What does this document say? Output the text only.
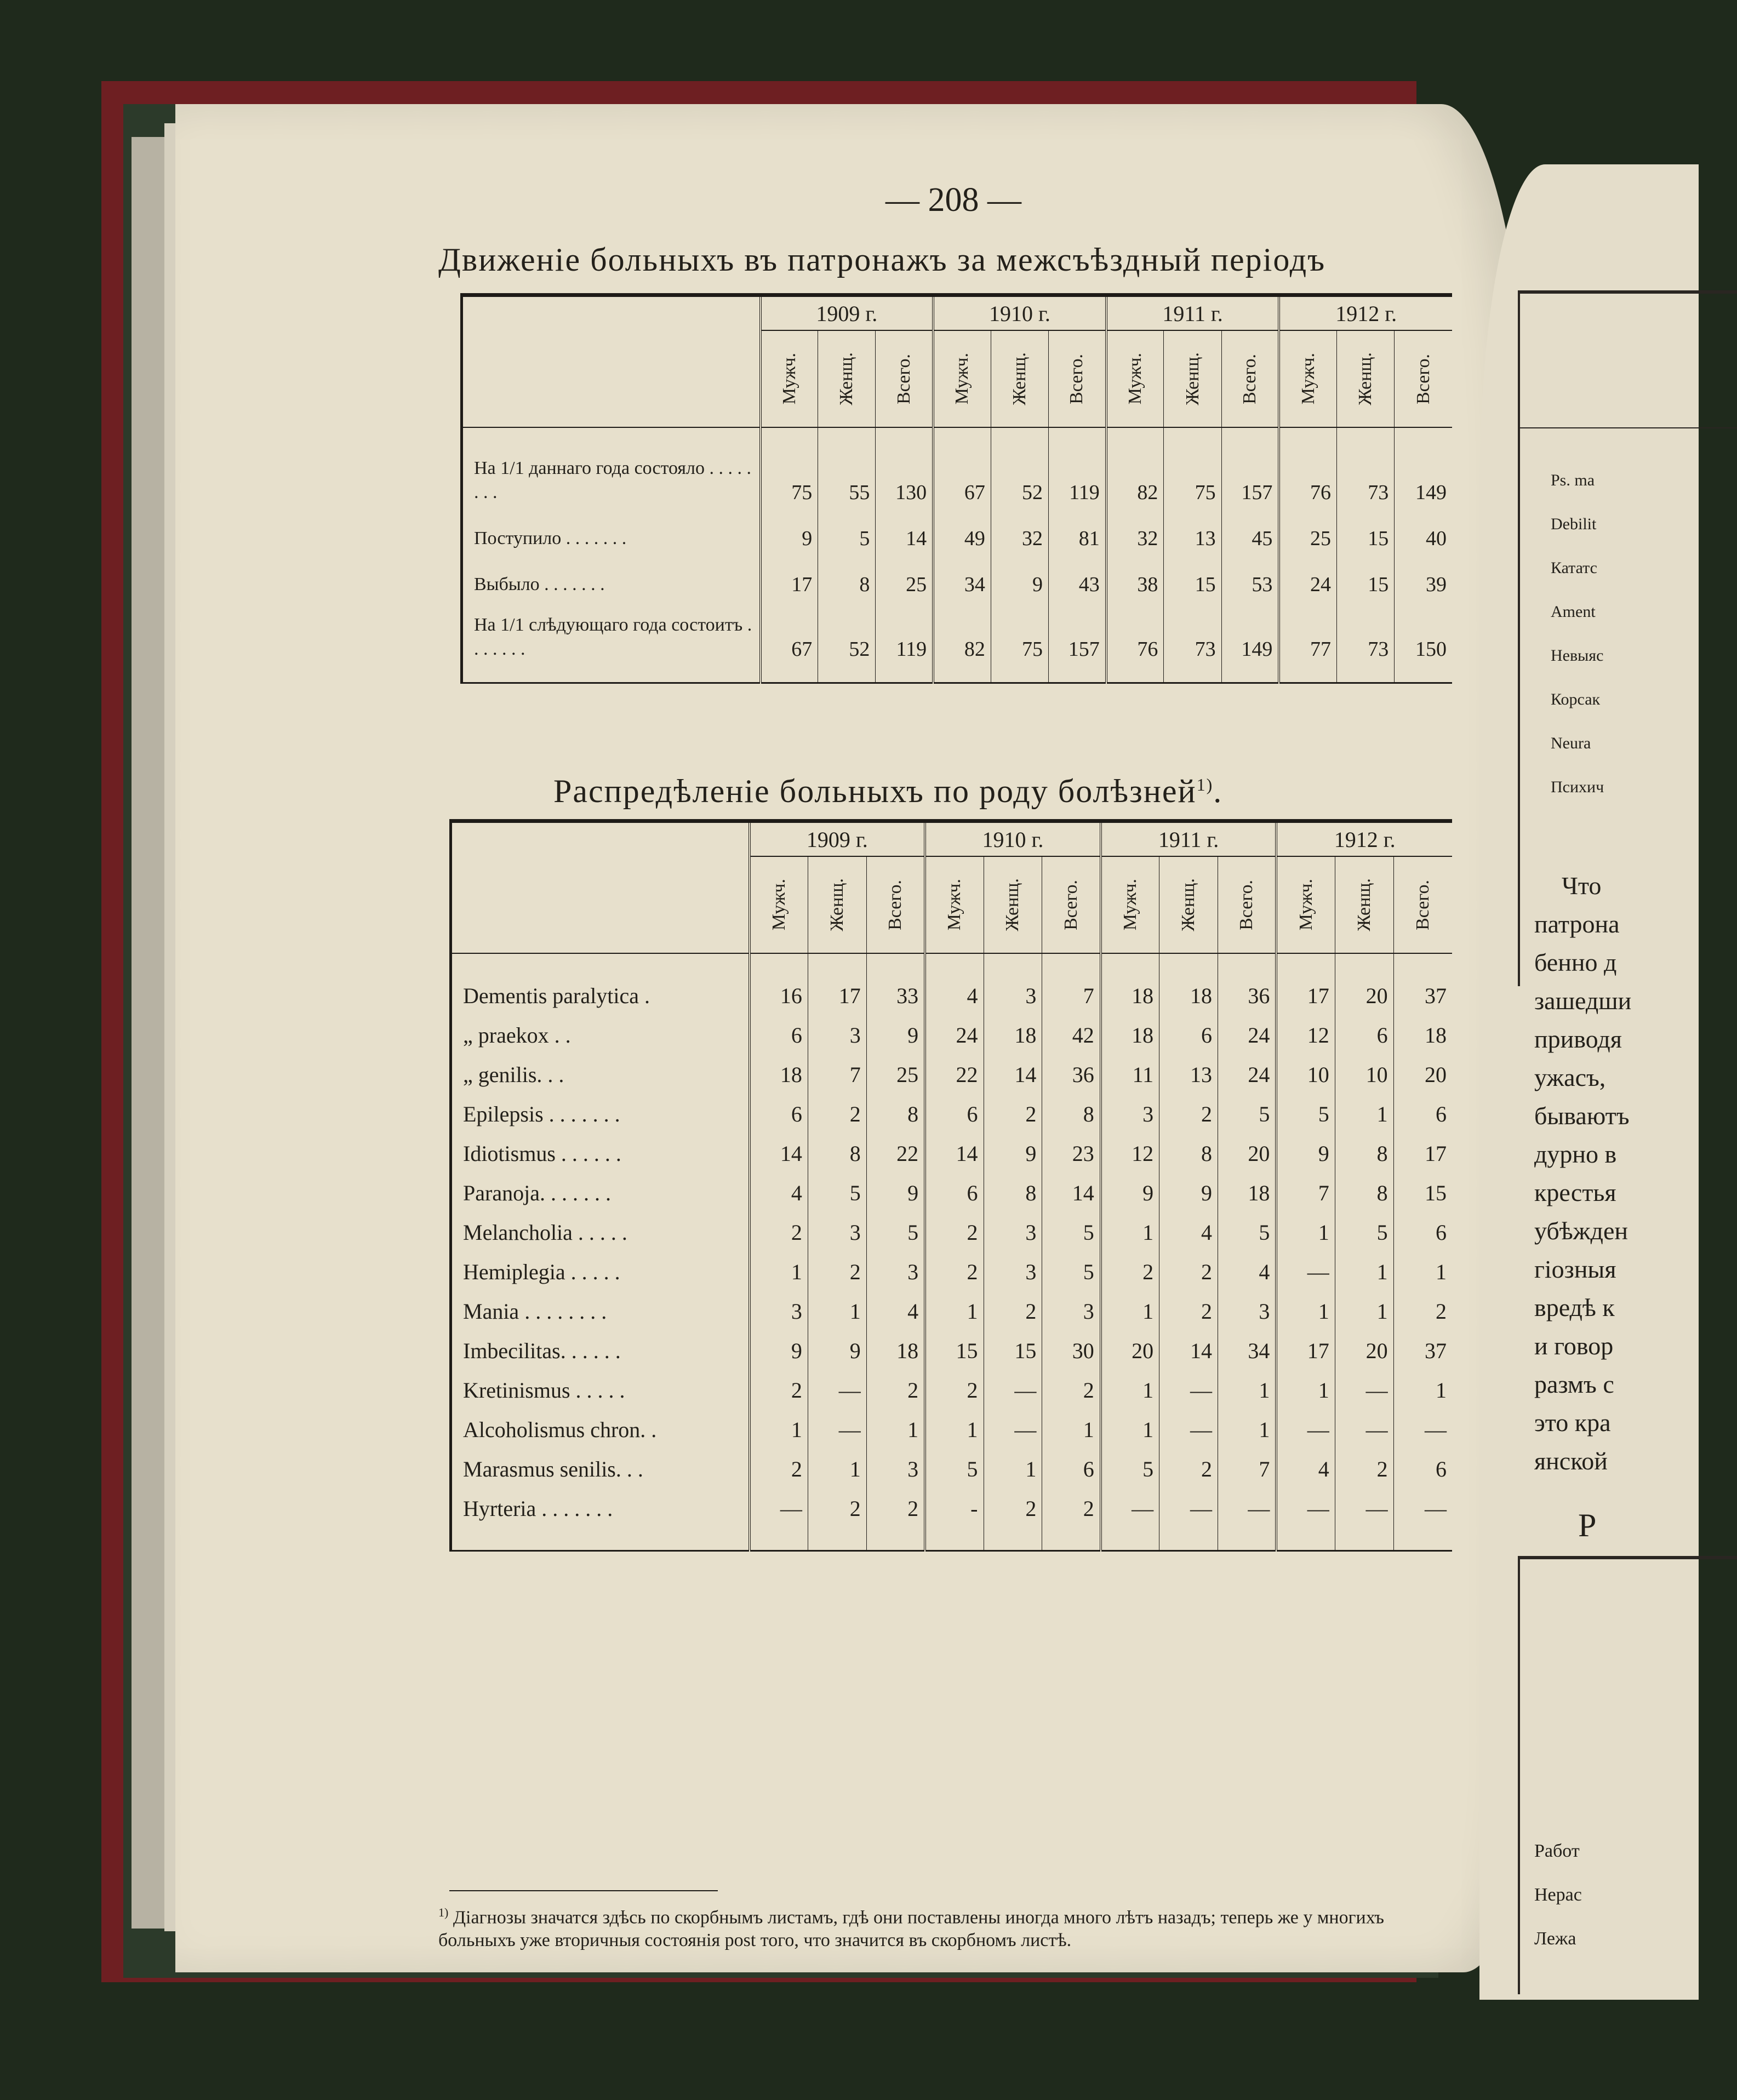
Ps. ma
Debilit
Кататс
Ament
Невыяс
Корсак
Neura
Психич
Что
патрона
бенно д
зашедши
приводя
ужасъ,
бываютъ
дурно в
крестья
убѣжден
гіозныя
вредѣ к
и говор
размъ с
это кра
янской
Р
Работ
Нерас
Лежа
— 208 —
Движеніе больныхъ въ патронажъ за межсъѣздный періодъ
	1909 г.			1910 г.			1911 г.			1912 г.		

	Мужч.	Женщ.	Всего.	Мужч.	Женщ.	Всего.	Мужч.	Женщ.	Всего.	Мужч.	Женщ.	Всего.

На 1/1 даннаго года состояло . . . . . . . .	75	55	130	67	52	119	82	75	157	76	73	149
Поступило . . . . . . .	9	5	14	49	32	81	32	13	45	25	15	40
Выбыло . . . . . . .	17	8	25	34	9	43	38	15	53	24	15	39
На 1/1 слѣдующаго года состоитъ . . . . . . .	67	52	119	82	75	157	76	73	149	77	73	150

Распредѣленіе больныхъ по роду болѣзней$^{1)}$.
	1909 г.			1910 г.			1911 г.			1912 г.		

	Мужч.	Женщ.	Всего.	Мужч.	Женщ.	Всего.	Мужч.	Женщ.	Всего.	Мужч.	Женщ.	Всего.

Dementis paralytica .	16	17	33	4	3	7	18	18	36	17	20	37
„ praekox . .	6	3	9	24	18	42	18	6	24	12	6	18
„ genilis. . .	18	7	25	22	14	36	11	13	24	10	10	20
Epilepsis . . . . . . .	6	2	8	6	2	8	3	2	5	5	1	6
Idiotismus . . . . . .	14	8	22	14	9	23	12	8	20	9	8	17
Paranoja. . . . . . .	4	5	9	6	8	14	9	9	18	7	8	15
Melancholia . . . . .	2	3	5	2	3	5	1	4	5	1	5	6
Hemiplegia . . . . .	1	2	3	2	3	5	2	2	4	—	1	1
Mania . . . . . . . .	3	1	4	1	2	3	1	2	3	1	1	2
Imbecilitas. . . . . .	9	9	18	15	15	30	20	14	34	17	20	37
Kretinismus . . . . .	2	—	2	2	—	2	1	—	1	1	—	1
Alcoholismus chron. .	1	—	1	1	—	1	1	—	1	—	—	—
Marasmus senilis. . .	2	1	3	5	1	6	5	2	7	4	2	6
Hyrteria . . . . . . .	—	2	2	-	2	2	—	—	—	—	—	—

$^{1)}$ Діагнозы значатся здѣсь по скорбнымъ листамъ, гдѣ они поставлены иногда много лѣтъ назадъ; теперь же у многихъ больныхъ уже вторичныя состоянія post того, что значится въ скорбномъ листѣ.
